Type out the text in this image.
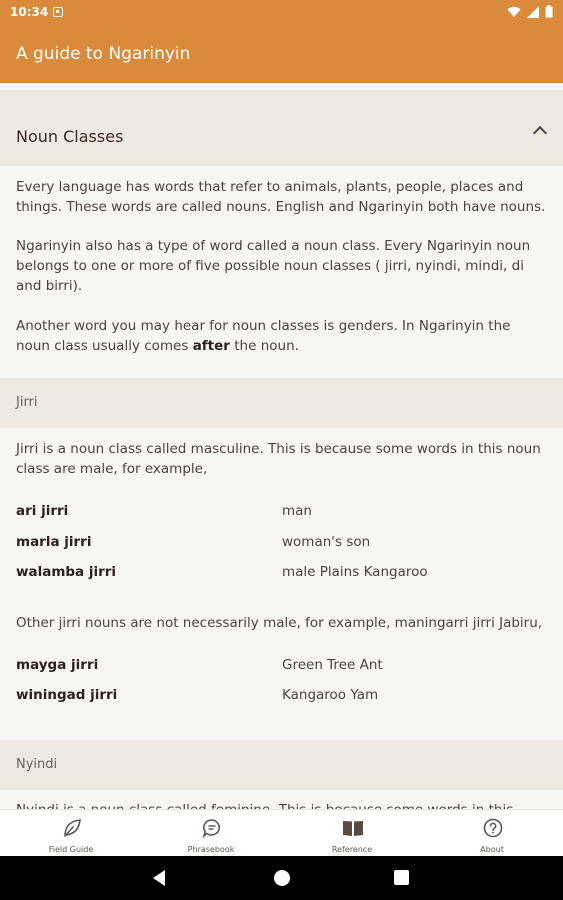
10:34
A guide to Ngarinyin
Noun Classes

Every language has words that refer to animals, plants, people, places and things. These words are called nouns. English and Ngarinyin both have nouns.

Ngarinyin also has a type of word called a noun class. Every Ngarinyin noun belongs to one or more of five possible noun classes ( jirri, nyindi, mindi, di and birri).

Another word you may hear for noun classes is genders. In Ngarinyin the noun class usually comes after the noun.

Jirri

Jirri is a noun class called masculine. This is because some words in this noun class are male, for example,

ari jirri	man
marla jirri	woman's son
walamba jirri	male Plains Kangaroo

Other jirri nouns are not necessarily male, for example, maningarri jirri Jabiru,

mayga jirri	Green Tree Ant
winingad jirri	Kangaroo Yam
Nyindi

Field Guide	Phrasebook	Reference	About
